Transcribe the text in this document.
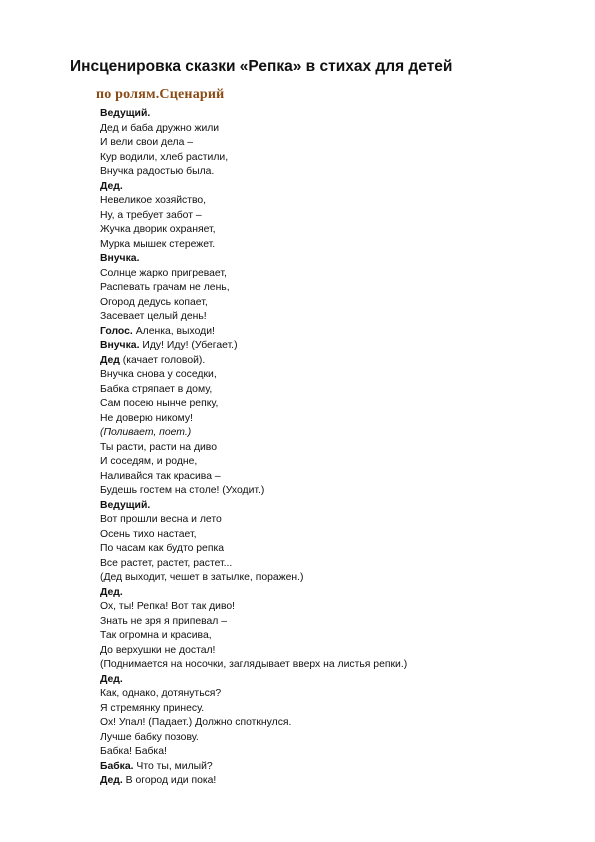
Инсценировка сказки «Репка» в стихах для детей
по ролям.Сценарий
Ведущий.
Дед и баба дружно жили
И вели свои дела –
Кур водили, хлеб растили,
Внучка радостью была.
Дед.
Невеликое хозяйство,
Ну, а требует забот –
Жучка дворик охраняет,
Мурка мышек стережет.
Внучка.
Солнце жарко пригревает,
Распевать грачам не лень,
Огород дедусь копает,
Засевает целый день!
Голос. Аленка, выходи!
Внучка. Иду! Иду! (Убегает.)
Дед (качает головой).
Внучка снова у соседки,
Бабка стряпает в дому,
Сам посею нынче репку,
Не доверю никому!
(Поливает, поет.)
Ты расти, расти на диво
И соседям, и родне,
Наливайся так красива –
Будешь гостем на столе! (Уходит.)
Ведущий.
Вот прошли весна и лето
Осень тихо настает,
По часам как будто репка
Все растет, растет, растет...
(Дед выходит, чешет в затылке, поражен.)
Дед.
Ох, ты! Репка! Вот так диво!
Знать не зря я припевал –
Так огромна и красива,
До верхушки не достал!
(Поднимается на носочки, заглядывает вверх на листья репки.)
Дед.
Как, однако, дотянуться?
Я стремянку принесу.
Ох! Упал! (Падает.) Должно споткнулся.
Лучше бабку позову.
Бабка! Бабка!
Бабка. Что ты, милый?
Дед. В огород иди пока!
